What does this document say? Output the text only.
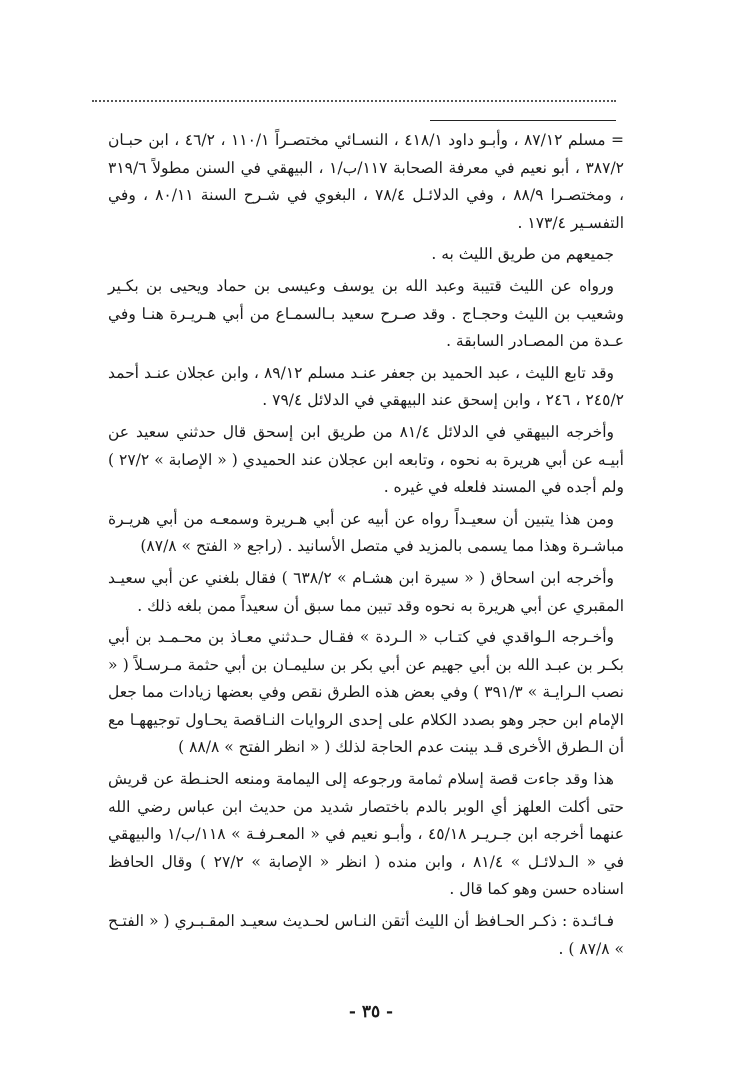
= مسلم ٨٧/١٢ ، وأبـو داود ٤١٨/١ ، النسـائي مختصـراً ١١٠/١ ، ٤٦/٢ ، ابن حبـان ٣٨٧/٢ ، أبو نعيم في معرفة الصحابة ١١٧/ب/١ ، البيهقي في السنن مطولاً ٣١٩/٦ ، ومختصـرا ٨٨/٩ ، وفي الدلائـل ٧٨/٤ ، البغوي في شـرح السنة ٨٠/١١ ، وفي التفسـير ١٧٣/٤ .

جميعهم من طريق الليث به .

ورواه عن الليث قتيبة وعبد الله بن يوسف وعيسى بن حماد ويحيى بن بكـير وشعيب بن الليث وحجـاج . وقد صـرح سعيد بـالسمـاع من أبي هـريـرة هنـا وفي عـدة من المصـادر السابقة .

وقد تابع الليث ، عبد الحميد بن جعفر عنـد مسلم ٨٩/١٢ ، وابن عجلان عنـد أحمد ٢٤٥/٢ ، ٢٤٦ ، وابن إسحق عند البيهقي في الدلائل ٧٩/٤ .

وأخرجه البيهقي في الدلائل ٨١/٤ من طريق ابن إسحق قال حدثني سعيد عن أبيـه عن أبي هريرة به نحوه ، وتابعه ابن عجلان عند الحميدي ( « الإصابة » ٢٧/٢ ) ولم أجده في المسند فلعله في غيره .

ومن هذا يتبين أن سعيـداً رواه عن أبيه عن أبي هـريرة وسمعـه من أبي هريـرة مباشـرة وهذا مما يسمى بالمزيد في متصل الأسانيد . (راجع « الفتح » ٨٧/٨)

وأخرجه ابن اسحاق ( « سيرة ابن هشـام » ٦٣٨/٢ ) فقال بلغني عن أبي سعيـد المقبري عن أبي هريرة به نحوه وقد تبين مما سبق أن سعيداً ممن بلغه ذلك .

وأخـرجه الـواقدي في كتـاب « الـردة » فقـال حـدثني معـاذ بن محـمـد بن أبي بكـر بن عبـد الله بن أبي جهيم عن أبي بكر بن سليمـان بن أبي حثمة مـرسـلاً ( « نصب الـرايـة » ٣٩١/٣ ) وفي بعض هذه الطرق نقص وفي بعضها زيادات مما جعل الإمام ابن حجر وهو بصدد الكلام على إحدى الروايات النـاقصة يحـاول توجيههـا مع أن الـطرق الأخرى قـد بينت عدم الحاجة لذلك ( « انظر الفتح » ٨٨/٨ )

هذا وقد جاءت قصة إسلام ثمامة ورجوعه إلى اليمامة ومنعه الحنـطة عن قريش حتى أكلت العلهز أي الوبر بالدم باختصار شديد من حديث ابن عباس رضي الله عنهما أخرجه ابن جـريـر ٤٥/١٨ ، وأبـو نعيم في « المعـرفـة » ١١٨/ب/١ والبيهقي في « الـدلائـل » ٨١/٤ ، وابن منده ( انظر « الإصابة » ٢٧/٢ ) وقال الحافظ اسناده حسن وهو كما قال .

فـائـدة : ذكـر الحـافظ أن الليث أتقن النـاس لحـديث سعيـد المقـبـري ( « الفتـح » ٨٧/٨ ) .

- ٣٥ -
